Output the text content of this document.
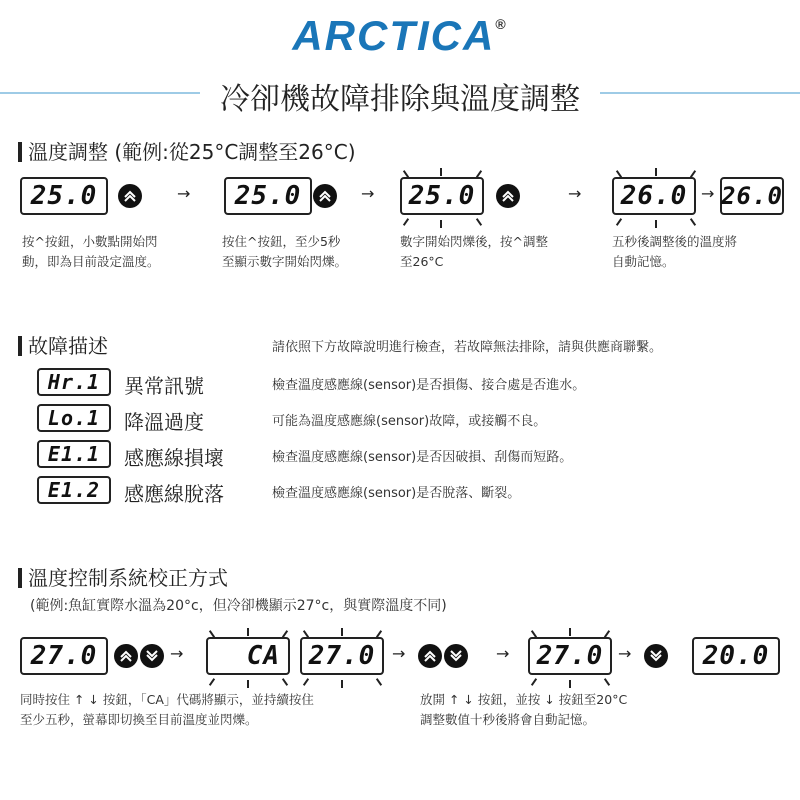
ARCTICA®
冷卻機故障排除與溫度調整
溫度調整 (範例:從25°C調整至26°C)
25.0	→	25.0	→	25.0	→	26.0 → 26.0
按^按鈕，小數點開始閃
動，即為目前設定溫度。
按住^按鈕，至少5秒
至顯示數字開始閃爍。
數字開始閃爍後，按^調整
至26°C
五秒後調整後的溫度將
自動記憶。
故障描述	請依照下方故障說明進行檢查，若故障無法排除，請與供應商聯繫。
Hr.1	異常訊號	檢查溫度感應線(sensor)是否損傷、接合處是否進水。
Lo.1	降溫過度	可能為溫度感應線(sensor)故障，或接觸不良。
E1.1	感應線損壞	檢查溫度感應線(sensor)是否因破損、刮傷而短路。
E1.2	感應線脫落	檢查溫度感應線(sensor)是否脫落、斷裂。
溫度控制系統校正方式
(範例:魚缸實際水溫為20°c，但冷卻機顯示27°c，與實際溫度不同)
27.0	→	CA	27.0	→	→	27.0 →	20.0
同時按住 ↑ ↓ 按鈕，「CA」代碼將顯示，並持續按住
至少五秒，螢幕即切換至目前溫度並閃爍。
放開 ↑ ↓ 按鈕，並按 ↓ 按鈕至20°C
調整數值十秒後將會自動記憶。
